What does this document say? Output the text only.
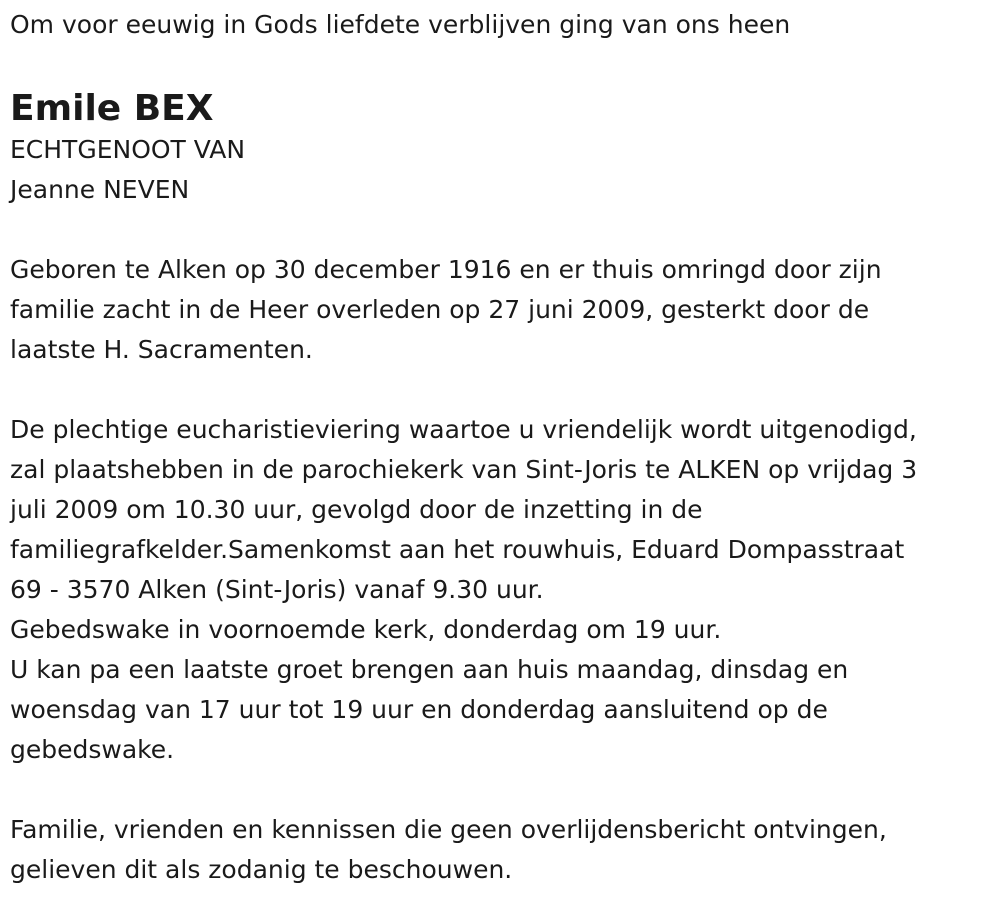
Om voor eeuwig in Gods liefdete verblijven ging van ons heen

Emile BEX

ECHTGENOOT VAN

Jeanne NEVEN

Geboren te Alken op 30 december 1916 en er thuis omringd door zijn

familie zacht in de Heer overleden op 27 juni 2009, gesterkt door de

laatste H. Sacramenten.

De plechtige eucharistieviering waartoe u vriendelijk wordt uitgenodigd,

zal plaatshebben in de parochiekerk van Sint-Joris te ALKEN op vrijdag 3

juli 2009 om 10.30 uur, gevolgd door de inzetting in de

familiegrafkelder.Samenkomst aan het rouwhuis, Eduard Dompasstraat

69 - 3570 Alken (Sint-Joris) vanaf 9.30 uur.

Gebedswake in voornoemde kerk, donderdag om 19 uur.

U kan pa een laatste groet brengen aan huis maandag, dinsdag en

woensdag van 17 uur tot 19 uur en donderdag aansluitend op de

gebedswake.

Familie, vrienden en kennissen die geen overlijdensbericht ontvingen,

gelieven dit als zodanig te beschouwen.
